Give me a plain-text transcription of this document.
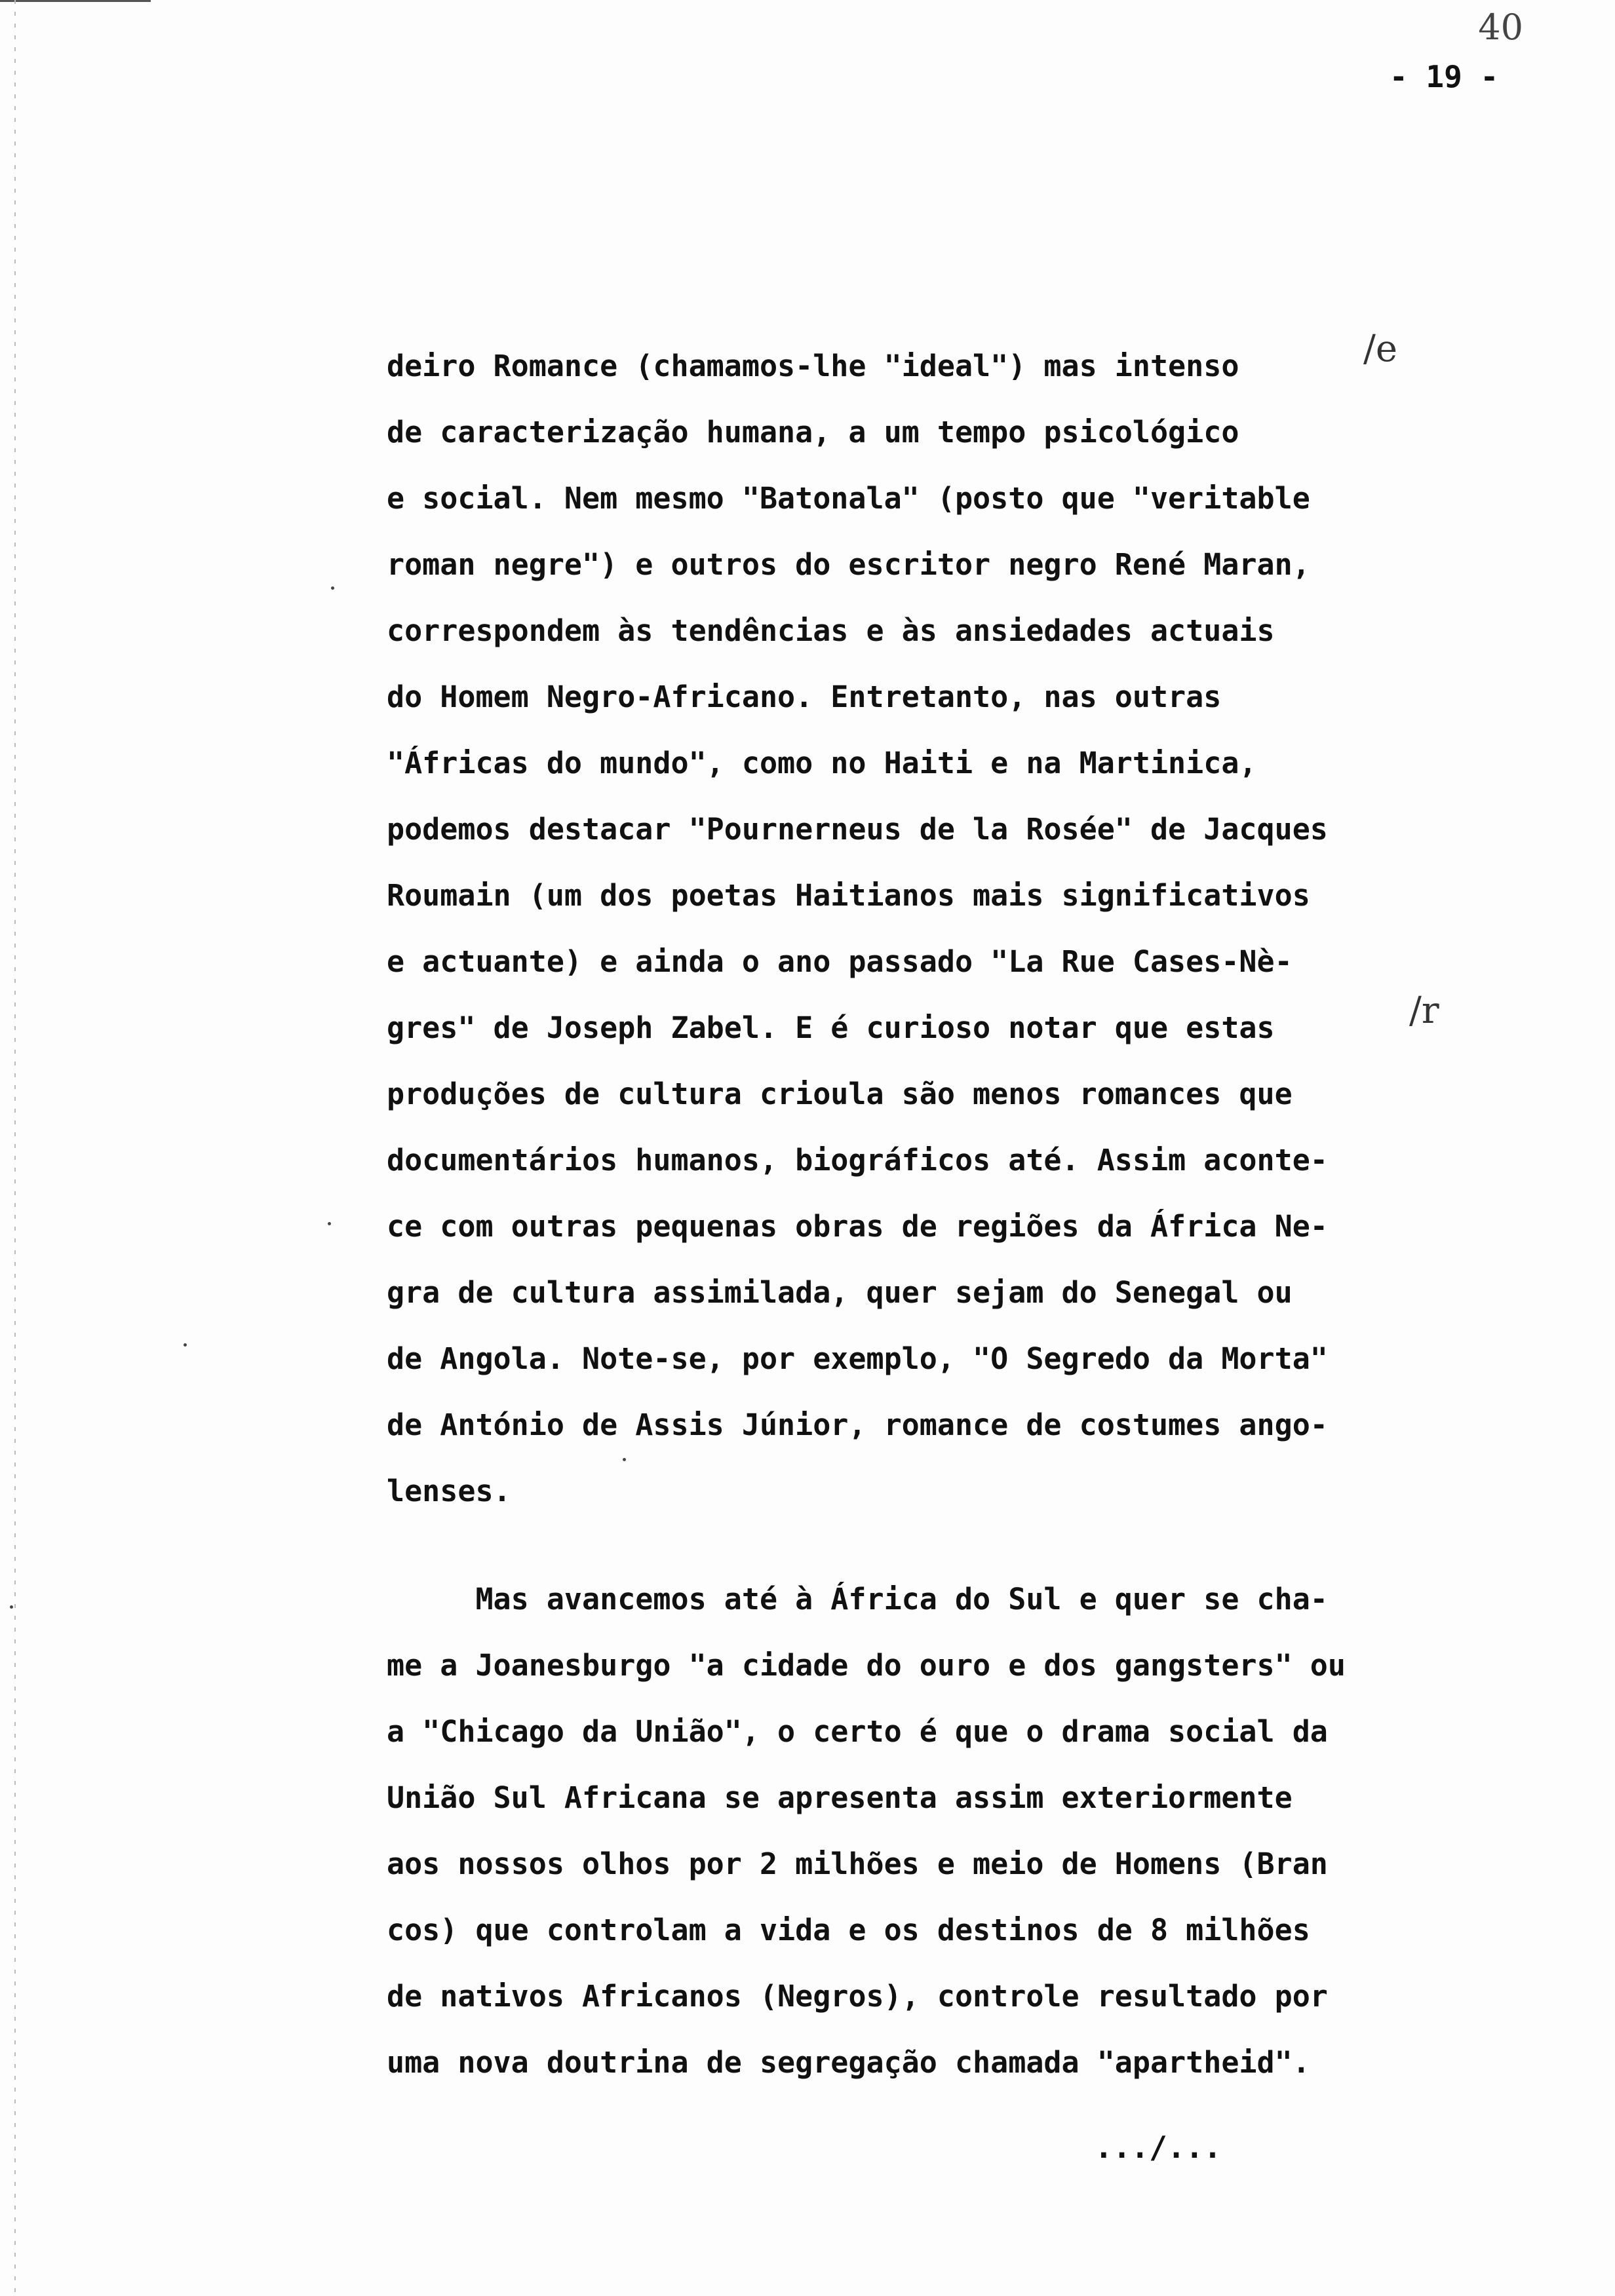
40
- 19 -
deiro Romance (chamamos-lhe "ideal") mas intenso
de caracterização humana, a um tempo psicológico
e social. Nem mesmo "Batonala" (posto que "veritable
roman negre") e outros do escritor negro René Maran,
correspondem às tendências e às ansiedades actuais
do Homem Negro-Africano. Entretanto, nas outras
"Áfricas do mundo", como no Haiti e na Martinica,
podemos destacar "Pournerneus de la Rosée" de Jacques
Roumain (um dos poetas Haitianos mais significativos
e actuante) e ainda o ano passado "La Rue Cases-Nè-
gres" de Joseph Zabel. E é curioso notar que estas
produções de cultura crioula são menos romances que
documentários humanos, biográficos até. Assim aconte-
ce com outras pequenas obras de regiões da África Ne-
gra de cultura assimilada, quer sejam do Senegal ou
de Angola. Note-se, por exemplo, "O Segredo da Morta"
de António de Assis Júnior, romance de costumes ango-
lenses.
Mas avancemos até à África do Sul e quer se cha-
me a Joanesburgo "a cidade do ouro e dos gangsters" ou
a "Chicago da União", o certo é que o drama social da
União Sul Africana se apresenta assim exteriormente
aos nossos olhos por 2 milhões e meio de Homens (Bran
cos) que controlam a vida e os destinos de 8 milhões
de nativos Africanos (Negros), controle resultado por
uma nova doutrina de segregação chamada "apartheid".
/e
/r
.../...
